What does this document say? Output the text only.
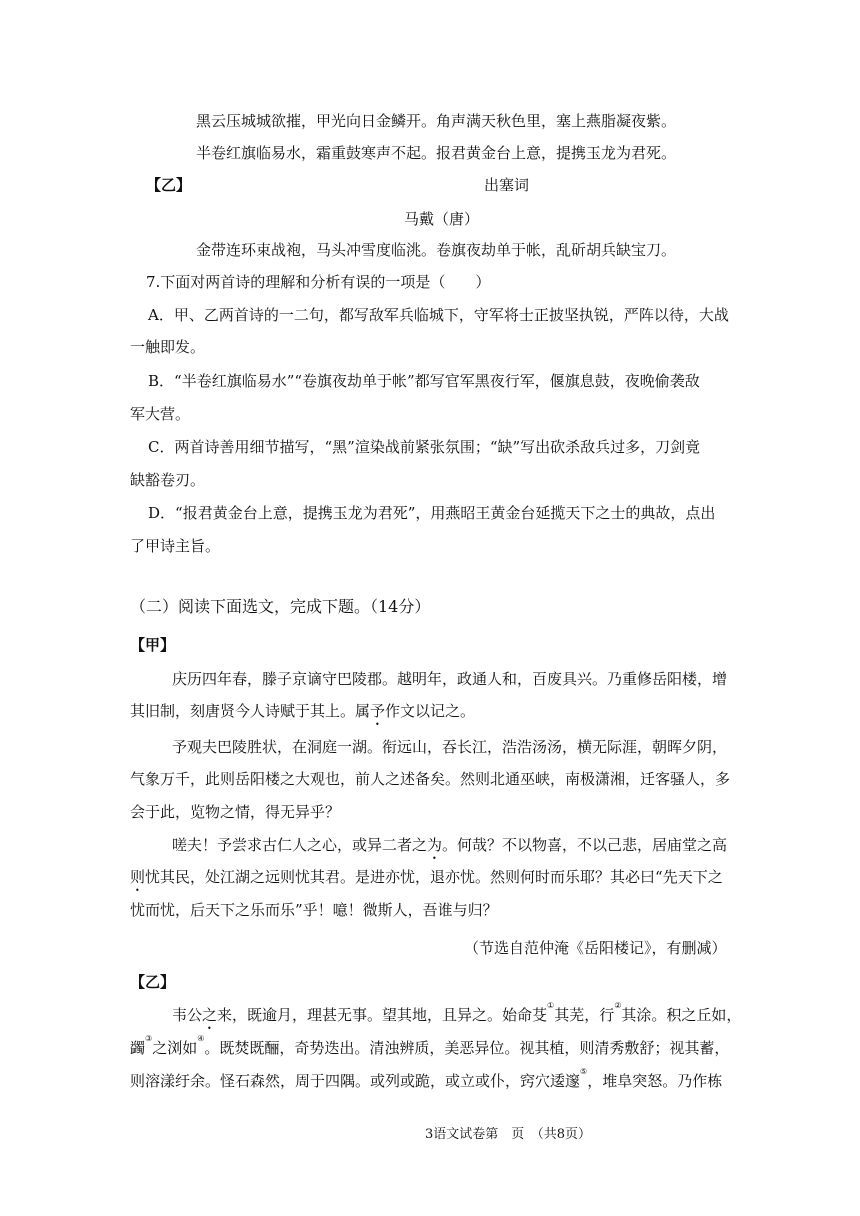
黑云压城城欲摧，甲光向日金鳞开。角声满天秋色里，塞上燕脂凝夜紫。
半卷红旗临易水，霜重鼓寒声不起。报君黄金台上意，提携玉龙为君死。
【乙】	出塞词
马戴（唐）
金带连环束战袍，马头冲雪度临洮。卷旗夜劫单于帐，乱斫胡兵缺宝刀。
7.下面对两首诗的理解和分析有误的一项是（　　）
A．甲、乙两首诗的一二句，都写敌军兵临城下，守军将士正披坚执锐，严阵以待，大战
一触即发。
B．“半卷红旗临易水”“卷旗夜劫单于帐”都写官军黑夜行军，偃旗息鼓，夜晚偷袭敌
军大营。
C．两首诗善用细节描写，“黑”渲染战前紧张氛围；“缺”写出砍杀敌兵过多，刀剑竟
缺豁卷刃。
D．“报君黄金台上意，提携玉龙为君死”，用燕昭王黄金台延揽天下之士的典故，点出
了甲诗主旨。
（二）阅读下面选文，完成下题。（14分）
【甲】
庆历四年春，滕子京谪守巴陵郡。越明年，政通人和，百废具兴。乃重修岳阳楼，增
其旧制，刻唐贤今人诗赋于其上。属予作文以记之。
予观夫巴陵胜状，在洞庭一湖。衔远山，吞长江，浩浩汤汤，横无际涯，朝晖夕阴，
气象万千，此则岳阳楼之大观也，前人之述备矣。然则北通巫峡，南极潇湘，迁客骚人，多
会于此，览物之情，得无异乎？
嗟夫！予尝求古仁人之心，或异二者之为。何哉？不以物喜，不以己悲，居庙堂之高
则忧其民，处江湖之远则忧其君。是进亦忧，退亦忧。然则何时而乐耶？其必曰“先天下之
忧而忧，后天下之乐而乐”乎！噫！微斯人，吾谁与归？
（节选自范仲淹《岳阳楼记》，有删减）
【乙】
韦公之来，既逾月，理甚无事。望其地，且异之。始命芟①其芜，行②其涂。积之丘如，
蠲③之浏如④。既焚既酾，奇势迭出。清浊辨质，美恶异位。视其植，则清秀敷舒；视其蓄，
则溶漾纡余。怪石森然，周于四隅。或列或跪，或立或仆，窍穴逶邃⑤，堆阜突怒。乃作栋
3语文试卷第　页　（共8页）
